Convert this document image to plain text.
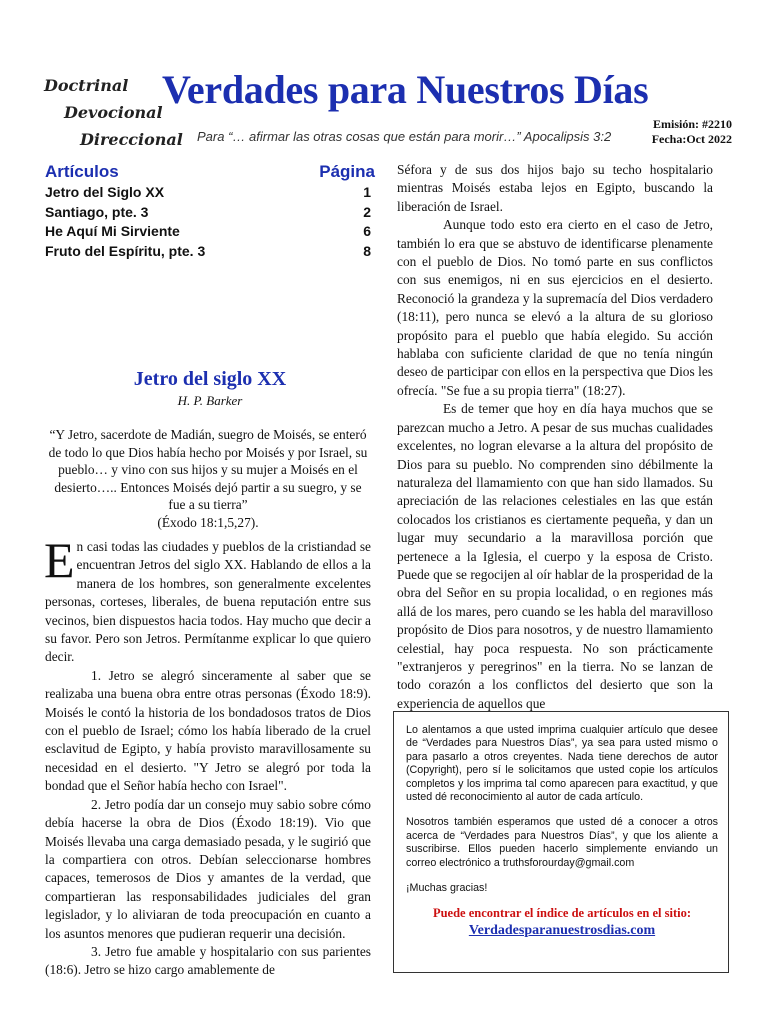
Doctrinal
Devocional
Direccional
Verdades para Nuestros Días
Para “… afirmar las otras cosas que están para morir…” Apocalipsis 3:2
Emisión: #2210
Fecha:Oct 2022
Artículos	Página
Jetro del Siglo XX	1
Santiago, pte. 3	2
He Aquí Mi Sirviente	6
Fruto del Espíritu, pte. 3	8
Jetro del siglo XX
H. P. Barker
“Y Jetro, sacerdote de Madián, suegro de Moisés, se enteró de todo lo que Dios había hecho por Moisés y por Israel, su pueblo… y vino con sus hijos y su mujer a Moisés en el desierto….. Entonces Moisés dejó partir a su suegro, y se fue a su tierra”
(Éxodo 18:1,5,27).

En casi todas las ciudades y pueblos de la cristiandad se encuentran Jetros del siglo XX. Hablando de ellos a la manera de los hombres, son generalmente excelentes personas, corteses, liberales, de buena reputación entre sus vecinos, bien dispuestos hacia todos. Hay mucho que decir a su favor. Pero son Jetros. Permítanme explicar lo que quiero decir.

1. Jetro se alegró sinceramente al saber que se realizaba una buena obra entre otras personas (Éxodo 18:9). Moisés le contó la historia de los bondadosos tratos de Dios con el pueblo de Israel; cómo los había liberado de la cruel esclavitud de Egipto, y había provisto maravillosamente su necesidad en el desierto. "Y Jetro se alegró por toda la bondad que el Señor había hecho con Israel".

2. Jetro podía dar un consejo muy sabio sobre cómo debía hacerse la obra de Dios (Éxodo 18:19). Vio que Moisés llevaba una carga demasiado pesada, y le sugirió que la compartiera con otros. Debían seleccionarse hombres capaces, temerosos de Dios y amantes de la verdad, que compartieran las responsabilidades judiciales del gran legislador, y lo aliviaran de toda preocupación en cuanto a los asuntos menores que pudieran requerir una decisión.

3. Jetro fue amable y hospitalario con sus parientes (18:6). Jetro se hizo cargo amablemente de

Séfora y de sus dos hijos bajo su techo hospitalario mientras Moisés estaba lejos en Egipto, buscando la liberación de Israel.

Aunque todo esto era cierto en el caso de Jetro, también lo era que se abstuvo de identificarse plenamente con el pueblo de Dios. No tomó parte en sus conflictos con sus enemigos, ni en sus ejercicios en el desierto. Reconoció la grandeza y la supremacía del Dios verdadero (18:11), pero nunca se elevó a la altura de su glorioso propósito para el pueblo que había elegido. Su acción hablaba con suficiente claridad de que no tenía ningún deseo de participar con ellos en la perspectiva que Dios les ofrecía. "Se fue a su propia tierra" (18:27).

Es de temer que hoy en día haya muchos que se parezcan mucho a Jetro. A pesar de sus muchas cualidades excelentes, no logran elevarse a la altura del propósito de Dios para su pueblo. No comprenden sino débilmente la naturaleza del llamamiento con que han sido llamados. Su apreciación de las relaciones celestiales en las que están colocados los cristianos es ciertamente pequeña, y dan un lugar muy secundario a la maravillosa porción que pertenece a la Iglesia, el cuerpo y la esposa de Cristo. Puede que se regocijen al oír hablar de la prosperidad de la obra del Señor en su propia localidad, o en regiones más allá de los mares, pero cuando se les habla del maravilloso propósito de Dios para nosotros, y de nuestro llamamiento celestial, hay poca respuesta. No son prácticamente "extranjeros y peregrinos" en la tierra. No se lanzan de todo corazón a los conflictos del desierto que son la experiencia de aquellos que

Lo alentamos a que usted imprima cualquier artículo que desee de “Verdades para Nuestros Días”, ya sea para usted mismo o para pasarlo a otros creyentes. Nada tiene derechos de autor (Copyright), pero sí le solicitamos que usted copie los artículos completos y los imprima tal como aparecen para exactitud, y que usted dé reconocimiento al autor de cada artículo.

Nosotros también esperamos que usted dé a conocer a otros acerca de “Verdades para Nuestros Días”, y que los aliente a suscribirse. Ellos pueden hacerlo simplemente enviando un correo electrónico a truthsforourday@gmail.com

¡Muchas gracias!

Puede encontrar el índice de artículos en el sitio:

Verdadesparanuestrosdias.com
